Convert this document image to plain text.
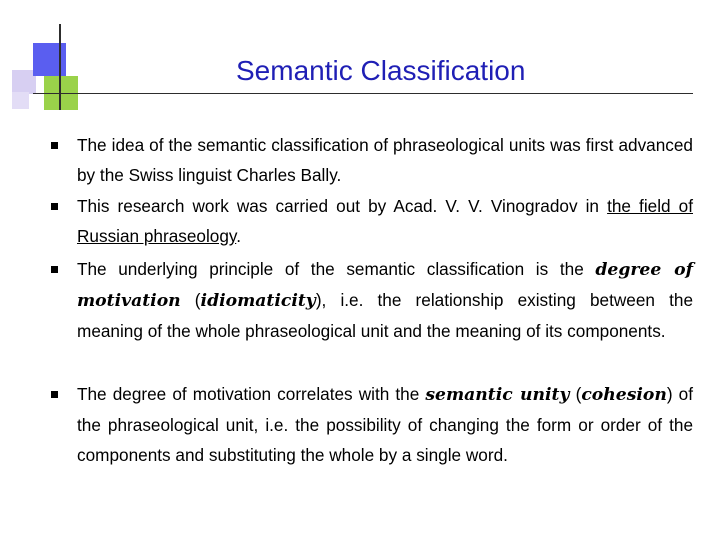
Semantic Classification
The idea of the semantic classification of phraseological units was first advanced by the Swiss linguist Charles Bally.
This research work was carried out by Acad. V. V. Vinogradov in the field of Russian phraseology.
The underlying principle of the semantic classification is the degree of motivation (idiomaticity), i.e. the relationship existing between the meaning of the whole phraseological unit and the meaning of its components.
The degree of motivation correlates with the semantic unity (cohesion) of the phraseological unit, i.e. the possibility of changing the form or order of the components and substituting the whole by a single word.
